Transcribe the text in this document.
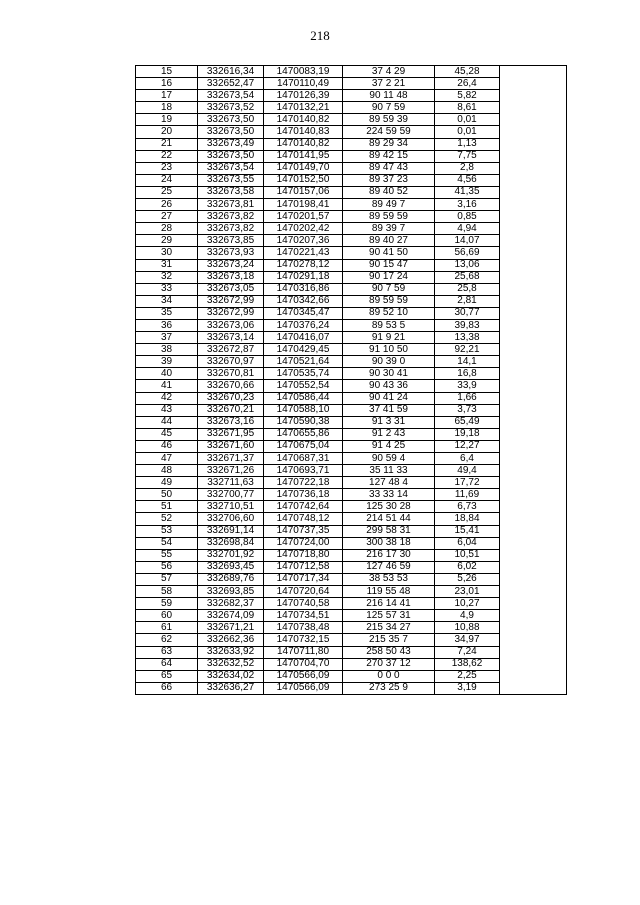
218
15	332616,34	1470083,19	37 4 29	45,28	
16	332652,47	1470110,49	37 2 21	26,4	
17	332673,54	1470126,39	90 11 48	5,82	
18	332673,52	1470132,21	90 7 59	8,61	
19	332673,50	1470140,82	89 59 39	0,01	
20	332673,50	1470140,83	224 59 59	0,01	
21	332673,49	1470140,82	89 29 34	1,13	
22	332673,50	1470141,95	89 42 15	7,75	
23	332673,54	1470149,70	89 47 43	2,8	
24	332673,55	1470152,50	89 37 23	4,56	
25	332673,58	1470157,06	89 40 52	41,35	
26	332673,81	1470198,41	89 49 7	3,16	
27	332673,82	1470201,57	89 59 59	0,85	
28	332673,82	1470202,42	89 39 7	4,94	
29	332673,85	1470207,36	89 40 27	14,07	
30	332673,93	1470221,43	90 41 50	56,69	
31	332673,24	1470278,12	90 15 47	13,06	
32	332673,18	1470291,18	90 17 24	25,68	
33	332673,05	1470316,86	90 7 59	25,8	
34	332672,99	1470342,66	89 59 59	2,81	
35	332672,99	1470345,47	89 52 10	30,77	
36	332673,06	1470376,24	89 53 5	39,83	
37	332673,14	1470416,07	91 9 21	13,38	
38	332672,87	1470429,45	91 10 50	92,21	
39	332670,97	1470521,64	90 39 0	14,1	
40	332670,81	1470535,74	90 30 41	16,8	
41	332670,66	1470552,54	90 43 36	33,9	
42	332670,23	1470586,44	90 41 24	1,66	
43	332670,21	1470588,10	37 41 59	3,73	
44	332673,16	1470590,38	91 3 31	65,49	
45	332671,95	1470655,86	91 2 43	19,18	
46	332671,60	1470675,04	91 4 25	12,27	
47	332671,37	1470687,31	90 59 4	6,4	
48	332671,26	1470693,71	35 11 33	49,4	
49	332711,63	1470722,18	127 48 4	17,72	
50	332700,77	1470736,18	33 33 14	11,69	
51	332710,51	1470742,64	125 30 28	6,73	
52	332706,60	1470748,12	214 51 44	18,84	
53	332691,14	1470737,35	299 58 31	15,41	
54	332698,84	1470724,00	300 38 18	6,04	
55	332701,92	1470718,80	216 17 30	10,51	
56	332693,45	1470712,58	127 46 59	6,02	
57	332689,76	1470717,34	38 53 53	5,26	
58	332693,85	1470720,64	119 55 48	23,01	
59	332682,37	1470740,58	216 14 41	10,27	
60	332674,09	1470734,51	125 57 31	4,9	
61	332671,21	1470738,48	215 34 27	10,88	
62	332662,36	1470732,15	215 35 7	34,97	
63	332633,92	1470711,80	258 50 43	7,24	
64	332632,52	1470704,70	270 37 12	138,62	
65	332634,02	1470566,09	0 0 0	2,25	
66	332636,27	1470566,09	273 25 9	3,19	
